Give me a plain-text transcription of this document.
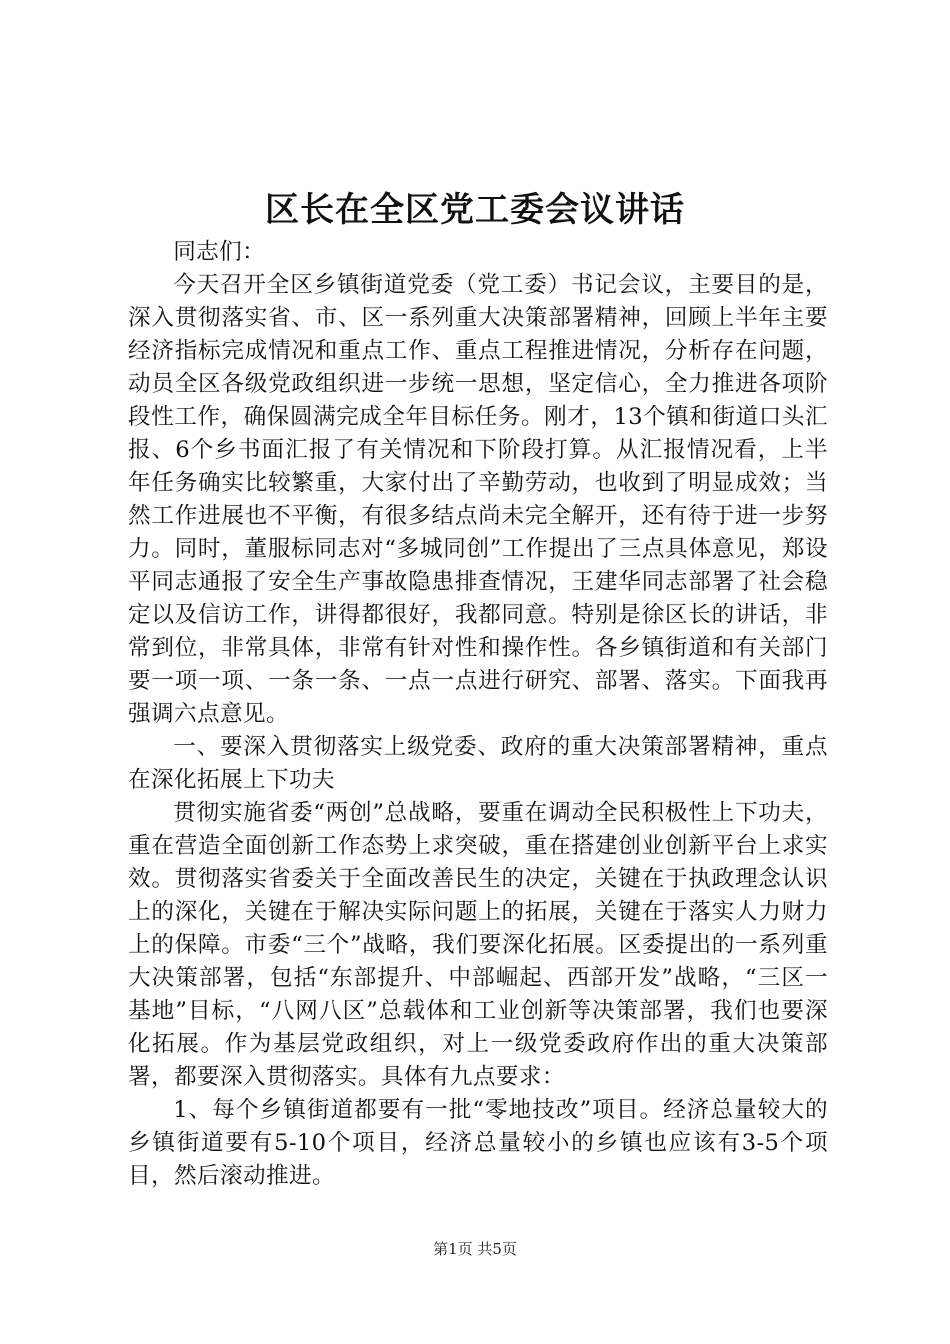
区长在全区党工委会议讲话

同志们：

今天召开全区乡镇街道党委（党工委）书记会议，主要目的是，深入贯彻落实省、市、区一系列重大决策部署精神，回顾上半年主要经济指标完成情况和重点工作、重点工程推进情况，分析存在问题，动员全区各级党政组织进一步统一思想，坚定信心，全力推进各项阶段性工作，确保圆满完成全年目标任务。刚才，13个镇和街道口头汇报、6个乡书面汇报了有关情况和下阶段打算。从汇报情况看，上半年任务确实比较繁重，大家付出了辛勤劳动，也收到了明显成效；当然工作进展也不平衡，有很多结点尚未完全解开，还有待于进一步努力。同时，董服标同志对“多城同创”工作提出了三点具体意见，郑设平同志通报了安全生产事故隐患排查情况，王建华同志部署了社会稳定以及信访工作，讲得都很好，我都同意。特别是徐区长的讲话，非常到位，非常具体，非常有针对性和操作性。各乡镇街道和有关部门要一项一项、一条一条、一点一点进行研究、部署、落实。下面我再强调六点意见。

一、要深入贯彻落实上级党委、政府的重大决策部署精神，重点在深化拓展上下功夫

贯彻实施省委“两创”总战略，要重在调动全民积极性上下功夫，重在营造全面创新工作态势上求突破，重在搭建创业创新平台上求实效。贯彻落实省委关于全面改善民生的决定，关键在于执政理念认识上的深化，关键在于解决实际问题上的拓展，关键在于落实人力财力上的保障。市委“三个”战略，我们要深化拓展。区委提出的一系列重大决策部署，包括“东部提升、中部崛起、西部开发”战略，“三区一基地”目标，“八网八区”总载体和工业创新等决策部署，我们也要深化拓展。作为基层党政组织，对上一级党委政府作出的重大决策部署，都要深入贯彻落实。具体有九点要求：

1、每个乡镇街道都要有一批“零地技改”项目。经济总量较大的乡镇街道要有5-10个项目，经济总量较小的乡镇也应该有3-5个项目，然后滚动推进。

第1页 共5页
